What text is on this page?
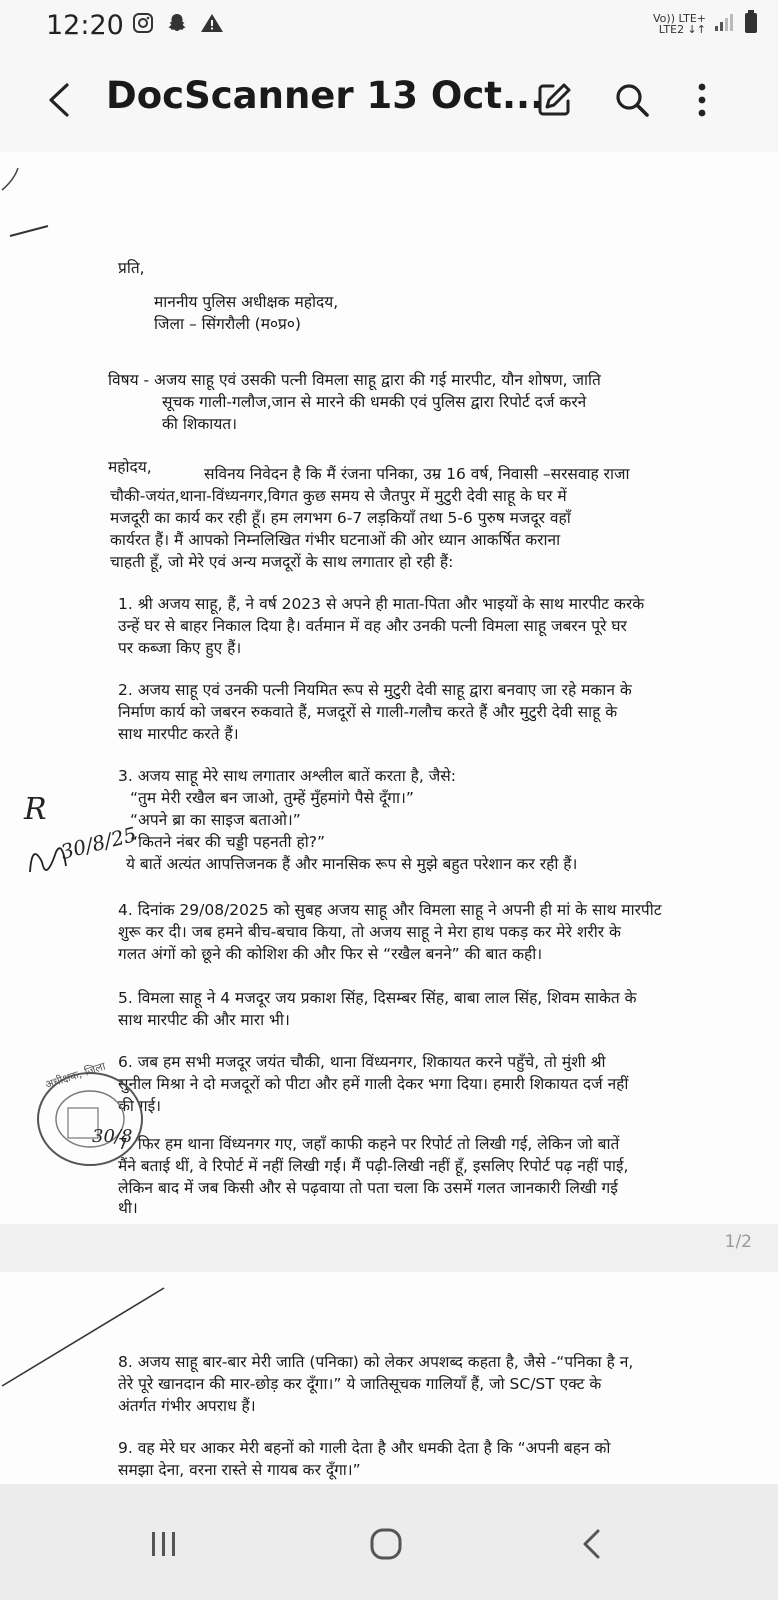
12:20	Vo)) LTE+
LTE2 ↓↑
DocScanner 13 Oct...
प्रति,
माननीय पुलिस अधीक्षक महोदय,
जिला – सिंगरौली (म०प्र०)
विषय - अजय साहू एवं उसकी पत्नी विमला साहू द्वारा की गई मारपीट, यौन शोषण, जाति
सूचक गाली-गलौज,जान से मारने की धमकी एवं पुलिस द्वारा रिपोर्ट दर्ज करने
की शिकायत।
महोदय,	सविनय निवेदन है कि मैं रंजना पनिका, उम्र 16 वर्ष, निवासी –सरसवाह राजा
चौकी-जयंत,थाना-विंध्यनगर,विगत कुछ समय से जैतपुर में मुटुरी देवी साहू के घर में
मजदूरी का कार्य कर रही हूँ। हम लगभग 6-7 लड़कियाँ तथा 5-6 पुरुष मजदूर वहाँ
कार्यरत हैं। मैं आपको निम्नलिखित गंभीर घटनाओं की ओर ध्यान आकर्षित कराना
चाहती हूँ, जो मेरे एवं अन्य मजदूरों के साथ लगातार हो रही हैं:
1. श्री अजय साहू, हैं, ने वर्ष 2023 से अपने ही माता-पिता और भाइयों के साथ मारपीट करके
उन्हें घर से बाहर निकाल दिया है। वर्तमान में वह और उनकी पत्नी विमला साहू जबरन पूरे घर
पर कब्जा किए हुए हैं।
2. अजय साहू एवं उनकी पत्नी नियमित रूप से मुटुरी देवी साहू द्वारा बनवाए जा रहे मकान के
निर्माण कार्य को जबरन रुकवाते हैं, मजदूरों से गाली-गलौच करते हैं और मुटुरी देवी साहू के
साथ मारपीट करते हैं।
3. अजय साहू मेरे साथ लगातार अश्लील बातें करता है, जैसे:
“तुम मेरी रखैल बन जाओ, तुम्हें मुँहमांगे पैसे दूँगा।”
“अपने ब्रा का साइज बताओ।”
“कितने नंबर की चड्डी पहनती हो?”
ये बातें अत्यंत आपत्तिजनक हैं और मानसिक रूप से मुझे बहुत परेशान कर रही हैं।
4. दिनांक 29/08/2025 को सुबह अजय साहू और विमला साहू ने अपनी ही मां के साथ मारपीट
शुरू कर दी। जब हमने बीच-बचाव किया, तो अजय साहू ने मेरा हाथ पकड़ कर मेरे शरीर के
गलत अंगों को छूने की कोशिश की और फिर से “रखैल बनने” की बात कही।
5. विमला साहू ने 4 मजदूर जय प्रकाश सिंह, दिसम्बर सिंह, बाबा लाल सिंह, शिवम साकेत के
साथ मारपीट की और मारा भी।
6. जब हम सभी मजदूर जयंत चौकी, थाना विंध्यनगर, शिकायत करने पहुँचे, तो मुंशी श्री
सुनील मिश्रा ने दो मजदूरों को पीटा और हमें गाली देकर भगा दिया। हमारी शिकायत दर्ज नहीं
की गई।
7. फिर हम थाना विंध्यनगर गए, जहाँ काफी कहने पर रिपोर्ट तो लिखी गई, लेकिन जो बातें
मैंने बताई थीं, वे रिपोर्ट में नहीं लिखी गईं। मैं पढ़ी-लिखी नहीं हूँ, इसलिए रिपोर्ट पढ़ नहीं पाई,
लेकिन बाद में जब किसी और से पढ़वाया तो पता चला कि उसमें गलत जानकारी लिखी गई
थी।
R
30/8/25
अधीक्षक, जिला
30/8
1/2
8. अजय साहू बार-बार मेरी जाति (पनिका) को लेकर अपशब्द कहता है, जैसे -“पनिका है न,
तेरे पूरे खानदान की मार-छोड़ कर दूँगा।” ये जातिसूचक गालियाँ हैं, जो SC/ST एक्ट के
अंतर्गत गंभीर अपराध हैं।
9. वह मेरे घर आकर मेरी बहनों को गाली देता है और धमकी देता है कि “अपनी बहन को
समझा देना, वरना रास्ते से गायब कर दूँगा।”
